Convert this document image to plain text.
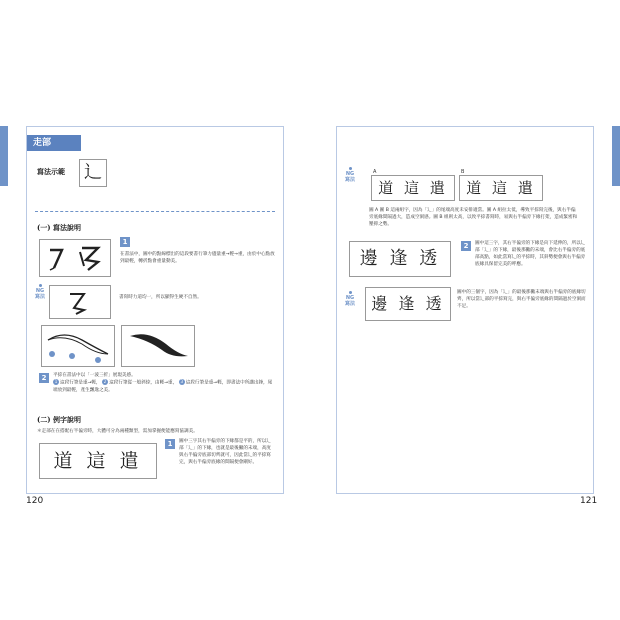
走部
寫法示範 辶
(一) 寫法說明
1
在書法中，圖中的點線標出的這段要書行筆力儘量重→輕→重，由於中心點放到最輕，轉折點會重量動美。
NG
寫法	書寫時力道均一，所以顯得生硬不自然。
2	平捺在書法中以「一波三折」展現美感。
1 這段行筆是重→輕， 2 這段行筆從一般斜捺，由輕→重， 3 這段行筆是重→輕，即書法中所講出鋒，尾端放到最輕，產生飄逸之美。
(二) 例字說明
＊走部在在搭配右半偏旁時，大體可分為兩種類型，需加掌握便能應寫協調美。
道 這 遣
1	圖中三字其右半偏旁的下緣都是平的，所以辶部「辶」的下緣，也就是最後撇的末端，高度與右半偏旁底部切齊就可，因此當辶的平捺寫完，與右半偏旁底緣的間隔便會剛好。
120
NG
寫法
A
道 這 遣
B
道 這 遣
圖 A 圖 B 這兩組字，因為「辶」的尾端高度未安排適當。圖 A 組拉太低，導致平捺寫完後，與右半偏旁底緣間隔過大，造成空洞感。圖 B 組則太高，以致平捺書寫時，易與右半偏旁下緣打架，造成緊密和壓抑之勢。
邊 逢 透
2	圖中這三字，其右半偏旁的下緣是向下延伸的，所以辶部「辶」的下緣，最後那撇的末端，會比右半偏旁的底部高點，如此當寫辶的平捺時，其斜勢便會與右半偏旁底緣具保留完美的呼應。
NG
寫法	邊 逢 透
圖中的三個字，因為「辶」的最後那撇末端與右半偏旁的底緣切齊，所以當辶部的平捺寫完，與右半偏旁底緣的間隔過於空洞而不足。
121
